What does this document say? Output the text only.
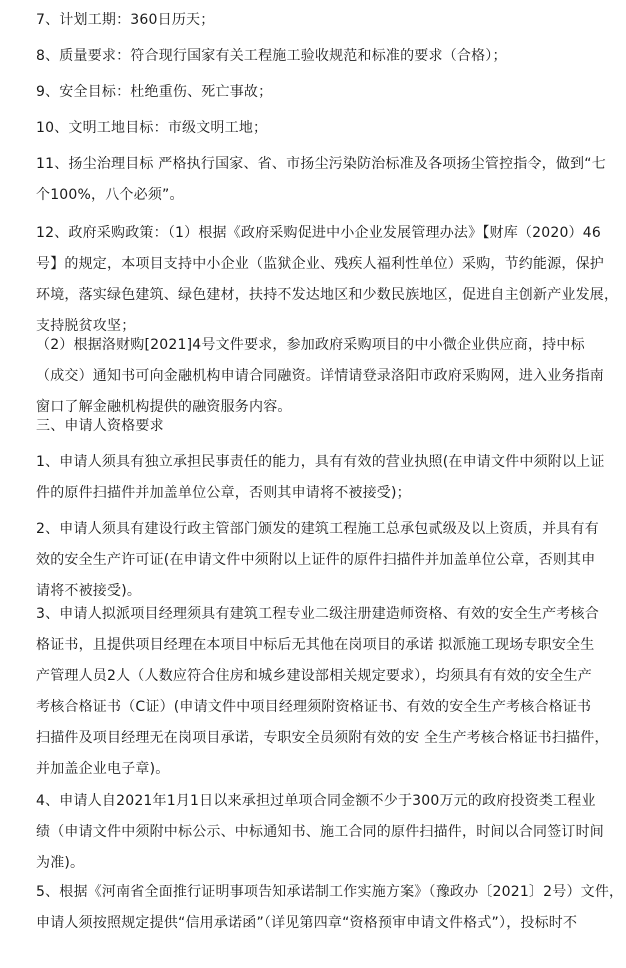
7、计划工期：360日历天；

8、质量要求：符合现行国家有关工程施工验收规范和标准的要求（合格）；

9、安全目标：杜绝重伤、死亡事故；

10、文明工地目标：市级文明工地；

11、扬尘治理目标 严格执行国家、省、市扬尘污染防治标准及各项扬尘管控指令，做到“七
个100%，八个必须”。

12、政府采购政策：（1）根据《政府采购促进中小企业发展管理办法》【财库（2020）46
号】的规定，本项目支持中小企业（监狱企业、残疾人福利性单位）采购，节约能源，保护
环境，落实绿色建筑、绿色建材，扶持不发达地区和少数民族地区，促进自主创新产业发展，
支持脱贫攻坚；

（2）根据洛财购[2021]4号文件要求，参加政府采购项目的中小微企业供应商，持中标
（成交）通知书可向金融机构申请合同融资。详情请登录洛阳市政府采购网，进入业务指南
窗口了解金融机构提供的融资服务内容。

三、申请人资格要求

1、申请人须具有独立承担民事责任的能力，具有有效的营业执照(在申请文件中须附以上证
件的原件扫描件并加盖单位公章，否则其申请将不被接受)；

2、申请人须具有建设行政主管部门颁发的建筑工程施工总承包贰级及以上资质，并具有有
效的安全生产许可证(在申请文件中须附以上证件的原件扫描件并加盖单位公章，否则其申
请将不被接受)。

3、申请人拟派项目经理须具有建筑工程专业二级注册建造师资格、有效的安全生产考核合
格证书，且提供项目经理在本项目中标后无其他在岗项目的承诺 拟派施工现场专职安全生
产管理人员2人（人数应符合住房和城乡建设部相关规定要求），均须具有有效的安全生产
考核合格证书（C证）(申请文件中项目经理须附资格证书、有效的安全生产考核合格证书
扫描件及项目经理无在岗项目承诺，专职安全员须附有效的安 全生产考核合格证书扫描件，
并加盖企业电子章)。

4、申请人自2021年1月1日以来承担过单项合同金额不少于300万元的政府投资类工程业
绩（申请文件中须附中标公示、中标通知书、施工合同的原件扫描件，时间以合同签订时间
为准)。

5、根据《河南省全面推行证明事项告知承诺制工作实施方案》（豫政办〔2021〕2号）文件，
申请人须按照规定提供“信用承诺函”（详见第四章“资格预审申请文件格式”），投标时不
